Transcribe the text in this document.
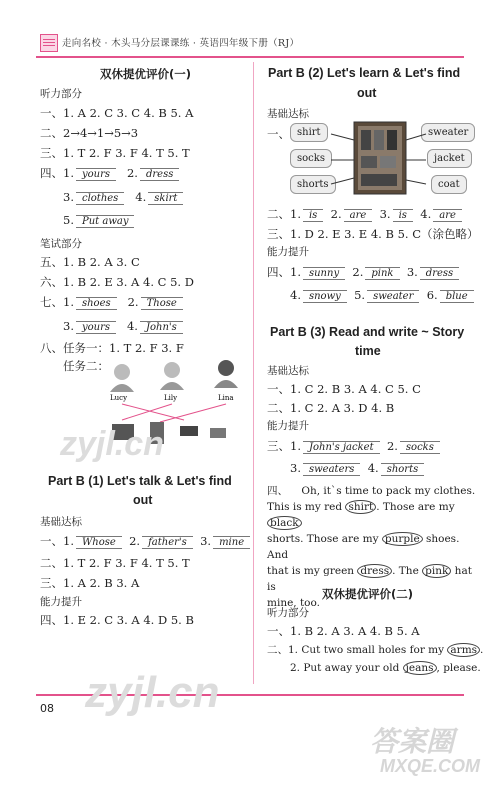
走向名校 · 木头马分层课课练 · 英语四年级下册（RJ）
双休提优评价(一)
听力部分
一、1. A 2. C 3. C 4. B 5. A
二、2→4→1→5→3
三、1. T 2. F 3. F 4. T 5. T
四、1. yours 2. dress
3. clothes 4. skirt
5. Put away
笔试部分
五、1. B 2. A 3. C
六、1. B 2. E 3. A 4. C 5. D
七、1. shoes 2. Those
3. yours 4. John's
八、任务一：1. T 2. F 3. F
任务二：
Lucy	Lily	Lina
zyjl.cn
Part B (1) Let's talk & Let's find
out
基础达标
一、1. Whose 2. father's 3. mine
二、1. T 2. F 3. F 4. T 5. T
三、1. A 2. B 3. A
能力提升
四、1. E 2. C 3. A 4. D 5. B
Part B (2) Let's learn & Let's find
out
基础达标
一、 shirt
socks
shorts
sweater
jacket
coat
二、1. is 2. are 3. is 4. are
三、1. D 2. E 3. E 4. B 5. C（涂色略）
能力提升
四、1. sunny 2. pink 3. dress
4. snowy 5. sweater 6. blue
Part B (3) Read and write ~ Story
time
基础达标
一、1. C 2. B 3. A 4. C 5. C
二、1. C 2. A 3. D 4. B
能力提升
三、1. John's jacket 2. socks
3. sweaters 4. shorts
四、 Oh, it`s time to pack my clothes.
This is my red shirt . Those are my black
shorts. Those are my purple shoes. And
that is my green dress . The pink hat is
mine, too.
双休提优评价(二)
听力部分
一、1. B 2. A 3. A 4. B 5. A
二、1. Cut two small holes for my arms .
2. Put away your old jeans , please.
08 zyjl.cn
答案圈
MXQE.COM
